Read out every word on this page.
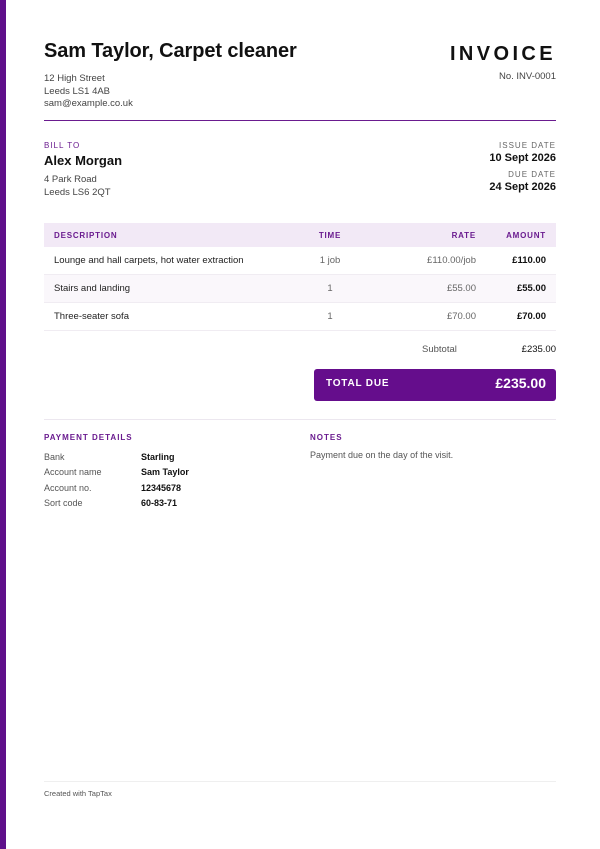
Sam Taylor, Carpet cleaner
12 High Street
Leeds LS1 4AB
sam@example.co.uk
INVOICE
No. INV-0001
BILL TO
Alex Morgan
4 Park Road
Leeds LS6 2QT
ISSUE DATE
10 Sept 2026
DUE DATE
24 Sept 2026
DESCRIPTION	TIME	RATE	AMOUNT
Lounge and hall carpets, hot water extraction	1 job	£110.00/job	£110.00
Stairs and landing	1	£55.00	£55.00
Three-seater sofa	1	£70.00	£70.00
Subtotal	£235.00
TOTAL DUE	£235.00
PAYMENT DETAILS
Bank	Starling
Account name	Sam Taylor
Account no.	12345678
Sort code	60-83-71
NOTES
Payment due on the day of the visit.
Created with TapTax
